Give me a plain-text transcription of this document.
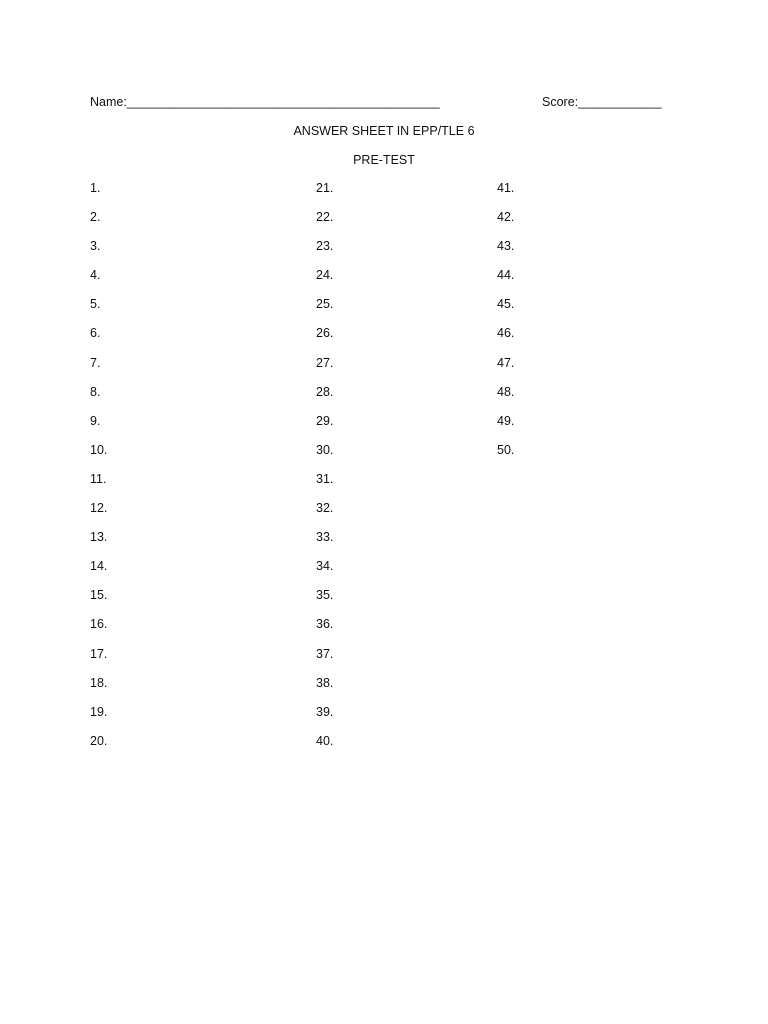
Name:_____________________________________________	Score:____________
ANSWER SHEET IN EPP/TLE 6
PRE-TEST
1.
2.
3.
4.
5.
6.
7.
8.
9.
10.
11.
12.
13.
14.
15.
16.
17.
18.
19.
20.
21.
22.
23.
24.
25.
26.
27.
28.
29.
30.
31.
32.
33.
34.
35.
36.
37.
38.
39.
40.
41.
42.
43.
44.
45.
46.
47.
48.
49.
50.
